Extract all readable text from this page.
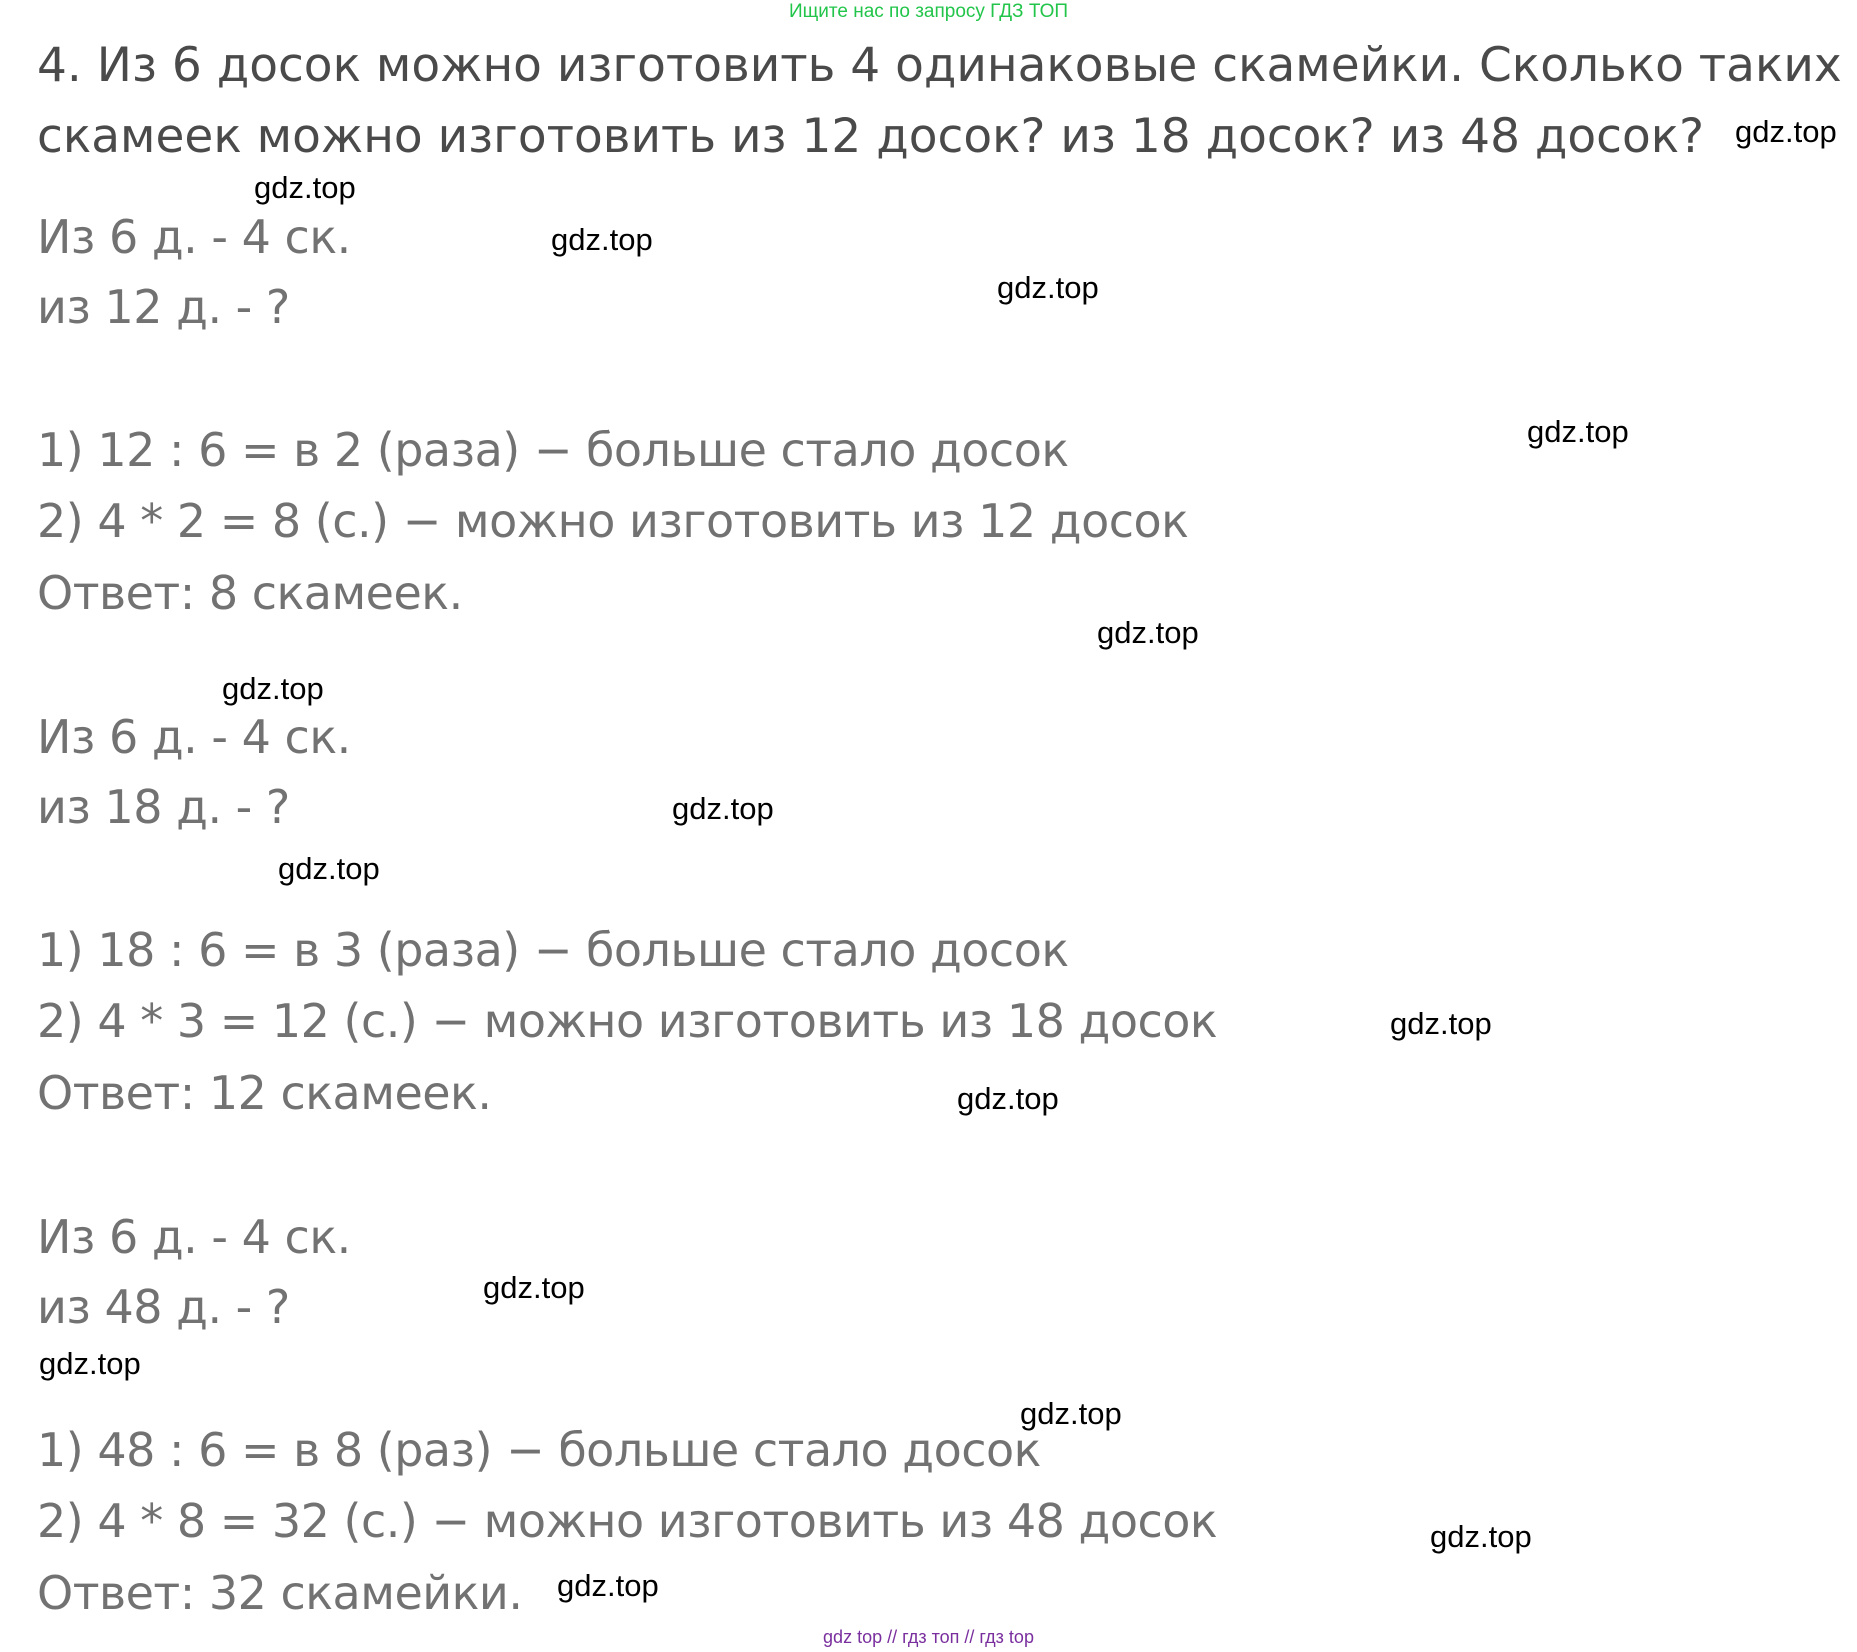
Ищите нас по запросу ГДЗ ТОП
4. Из 6 досок можно изготовить 4 одинаковые скамейки. Сколько таких
скамеек можно изготовить из 12 досок? из 18 досок? из 48 досок?
Из 6 д. - 4 ск.
из 12 д. - ?
1) 12 : 6 = в 2 (раза) − больше стало досок
2) 4 * 2 = 8 (с.) − можно изготовить из 12 досок
Ответ: 8 скамеек.
Из 6 д. - 4 ск.
из 18 д. - ?
1) 18 : 6 = в 3 (раза) − больше стало досок
2) 4 * 3 = 12 (с.) − можно изготовить из 18 досок
Ответ: 12 скамеек.
Из 6 д. - 4 ск.
из 48 д. - ?
1) 48 : 6 = в 8 (раз) − больше стало досок
2) 4 * 8 = 32 (с.) − можно изготовить из 48 досок
Ответ: 32 скамейки.
gdz.top
gdz.top
gdz.top
gdz.top
gdz.top
gdz.top
gdz.top
gdz.top
gdz.top
gdz.top
gdz.top
gdz.top
gdz.top
gdz.top
gdz.top
gdz.top
gdz top // гдз топ // гдз top
